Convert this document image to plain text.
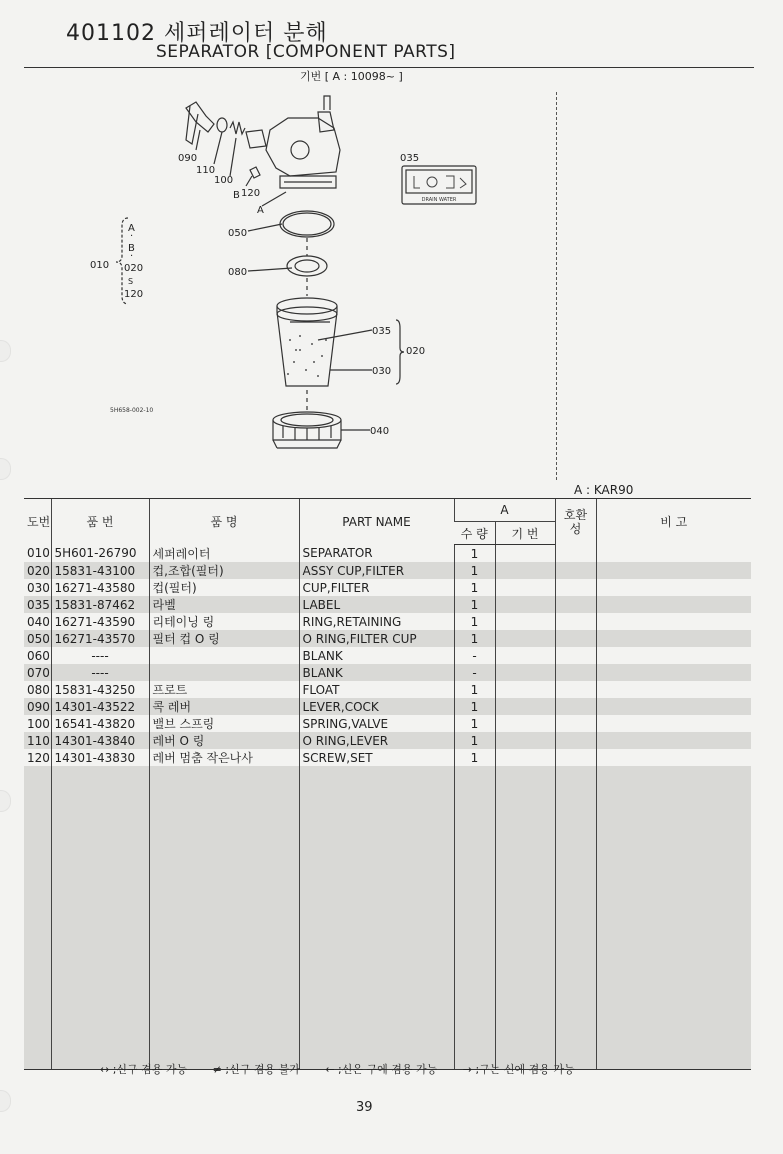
401102 세퍼레이터 분해
SEPARATOR [COMPONENT PARTS]
기번 [ A : 10098~ ]
090
110
100
B 120
A
050
080
035
030
020
040
035
DRAIN WATER
A
·
B
·
010 020
S
120
5H658-002-10
A : KAR90
도번	품 번	품 명	PART NAME	A		호환성	비 고
				수 량	기 번		
010	5H601-26790	세퍼레이터	SEPARATOR	1			
020	15831-43100	컵,조합(필터)	ASSY CUP,FILTER	1			
030	16271-43580	컵(필터)	CUP,FILTER	1			
035	15831-87462	라벨	LABEL	1			
040	16271-43590	리테이닝 링	RING,RETAINING	1			
050	16271-43570	필터 컵 O 링	O RING,FILTER CUP	1			
060	----		BLANK	-			
070	----		BLANK	-			
080	15831-43250	프로트	FLOAT	1			
090	14301-43522	콕 레버	LEVER,COCK	1			
100	16541-43820	밸브 스프링	SPRING,VALVE	1			
110	14301-43840	레버 O 링	O RING,LEVER	1			
120	14301-43830	레버 멈춤 작은나사	SCREW,SET	1			

↔ ;신구 겸용 가능 ≠ ;신구 겸용 불가 ← ;신은 구에 겸용 가능 → ;구는 신에 겸용 가능
39
